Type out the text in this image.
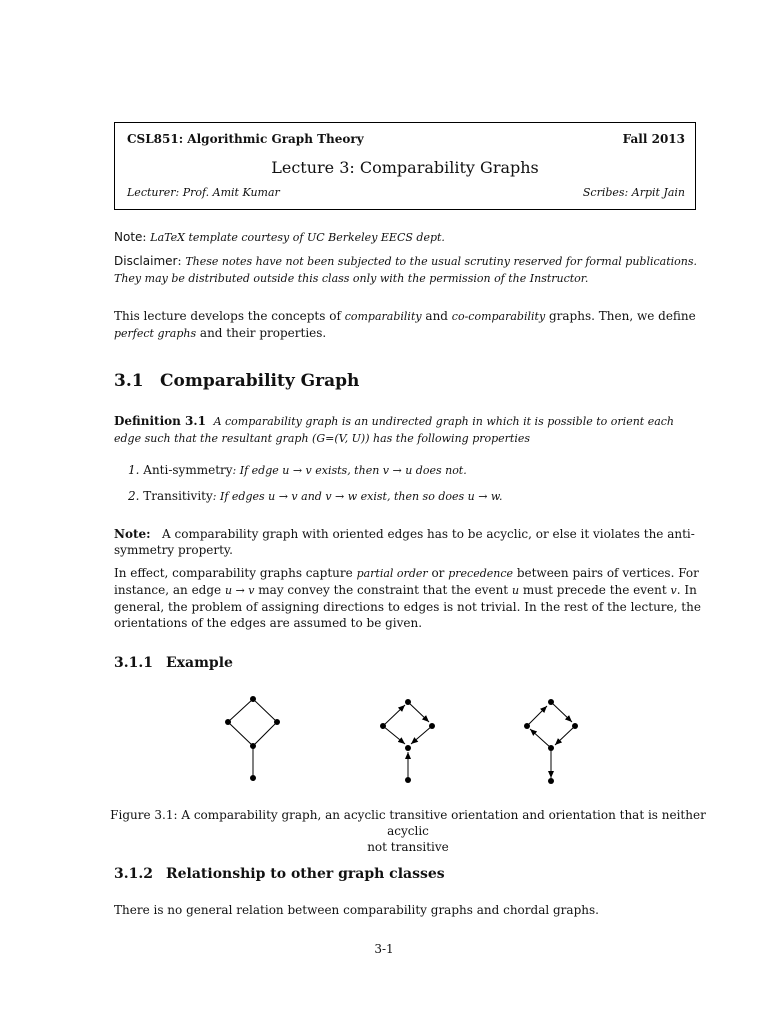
CSL851: Algorithmic Graph Theory	Fall 2013
Lecture 3: Comparability Graphs
Lecturer: Prof. Amit Kumar	Scribes: Arpit Jain
Note: LaTeX template courtesy of UC Berkeley EECS dept.
Disclaimer: These notes have not been subjected to the usual scrutiny reserved for formal publications. They may be distributed outside this class only with the permission of the Instructor.
This lecture develops the concepts of comparability and co-comparability graphs. Then, we define perfect graphs and their properties.
3.1 Comparability Graph
Definition 3.1 A comparability graph is an undirected graph in which it is possible to orient each edge such that the resultant graph (G=(V, U)) has the following properties
1. Anti-symmetry: If edge u → v exists, then v → u does not.
2. Transitivity: If edges u → v and v → w exist, then so does u → w.
Note: A comparability graph with oriented edges has to be acyclic, or else it violates the anti-symmetry property.
In effect, comparability graphs capture partial order or precedence between pairs of vertices. For instance, an edge u → v may convey the constraint that the event u must precede the event v. In general, the problem of assigning directions to edges is not trivial. In the rest of the lecture, the orientations of the edges are assumed to be given.
3.1.1 Example
Figure 3.1: A comparability graph, an acyclic transitive orientation and orientation that is neither acyclic
not transitive
3.1.2 Relationship to other graph classes
There is no general relation between comparability graphs and chordal graphs.
3-1
